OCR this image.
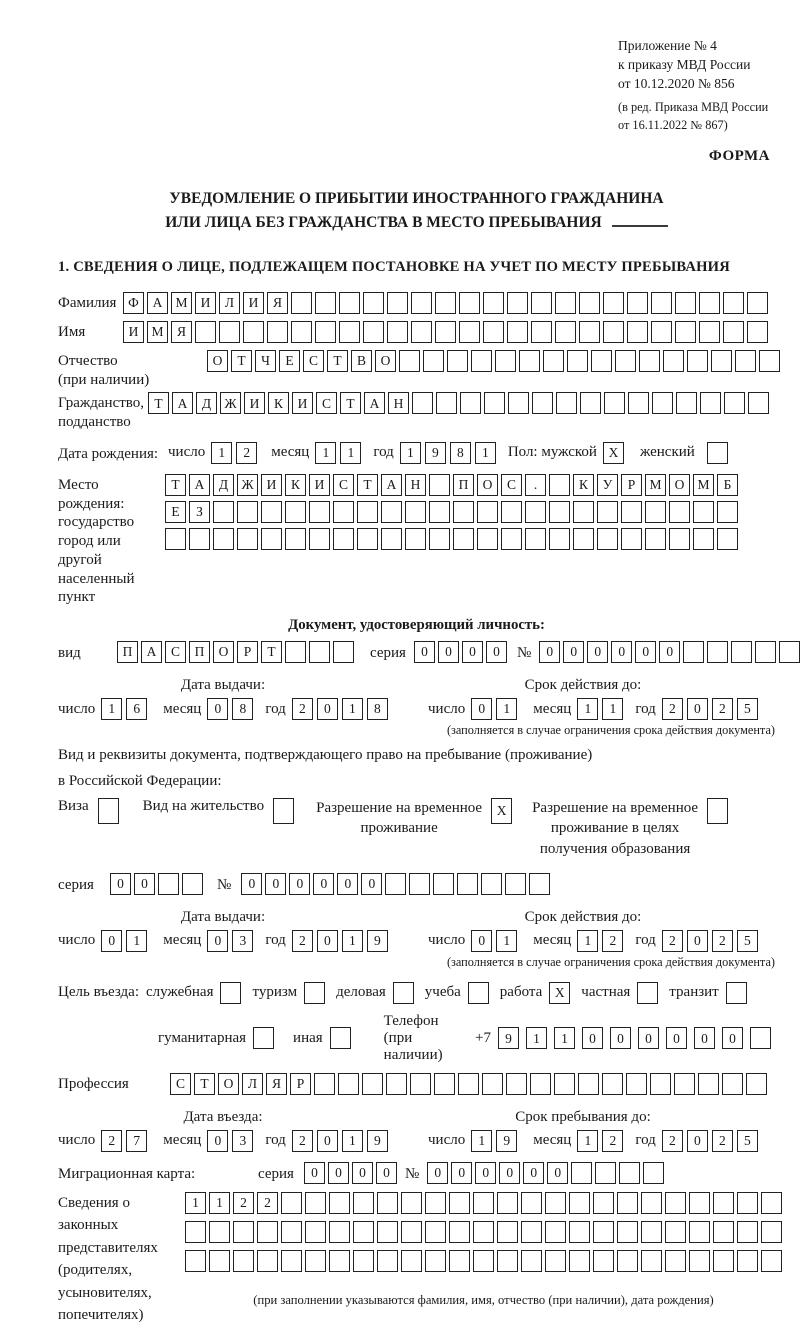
Приложение № 4
к приказу МВД России
от 10.12.2020 № 856
(в ред. Приказа МВД России
от 16.11.2022 № 867)
ФОРМА
УВЕДОМЛЕНИЕ О ПРИБЫТИИ ИНОСТРАННОГО ГРАЖДАНИНА
ИЛИ ЛИЦА БЕЗ ГРАЖДАНСТВА В МЕСТО ПРЕБЫВАНИЯ
1. СВЕДЕНИЯ О ЛИЦЕ, ПОДЛЕЖАЩЕМ ПОСТАНОВКЕ НА УЧЕТ ПО МЕСТУ ПРЕБЫВАНИЯ
Фамилия Ф	А М И	Л	И	Я
Имя	И М Я
Отчество
(при наличии)
О	Т	Ч	Е	С	Т	В	О
Гражданство,
подданство
Т	А	Д Ж И	К	И	С	Т	А	Н
Дата рождения: число 1	2	месяц 1	1	год 1	9	8	1	Пол: мужской X	женский
Место рождения:
государство
город или другой
населенный пункт
Т	А	Д Ж И	К	И	С	Т	А	Н	П	О	С	.	К	У	Р	М О М	Б
Е	З
Документ, удостоверяющий личность:
вид	П	А	С	П	О	Р	Т	серия	0	0	0	0	№	0	0	0	0	0	0
Дата выдачи:	Срок действия до:
число 1	6	месяц 0	8	год 2	0	1	8	число 0	1	месяц 1	1	год 2	0	2	5
(заполняется в случае ограничения срока действия документа)
Вид и реквизиты документа, подтверждающего право на пребывание (проживание)
в Российской Федерации:
Виза	Вид на жительство	Разрешение на временное
проживание
X	Разрешение на временное
проживание в целях
получения образования
серия	0	0	№	0	0	0	0	0	0
Дата выдачи:	Срок действия до:
число 0	1	месяц 0	3	год 2	0	1	9	число 0	1	месяц 1	2	год 2	0	2	5
(заполняется в случае ограничения срока действия документа)
Цель въезда: служебная	туризм	деловая	учеба	работа X	частная	транзит
гуманитарная	иная
Телефон (при наличии)
+7	9	1	1	0	0	0	0	0	0
Профессия	С	Т	О	Л	Я	Р
Дата въезда:	Срок пребывания до:
число 2	7	месяц 0	3	год 2	0	1	9	число 1	9	месяц 1	2	год 2	0	2	5
Миграционная карта:	серия	0	0	0	0	№	0	0	0	0	0	0
Сведения о
законных
представителях
(родителях,
усыновителях,
попечителях)
1	1	2	2
(при заполнении указываются фамилия, имя, отчество (при наличии), дата рождения)
